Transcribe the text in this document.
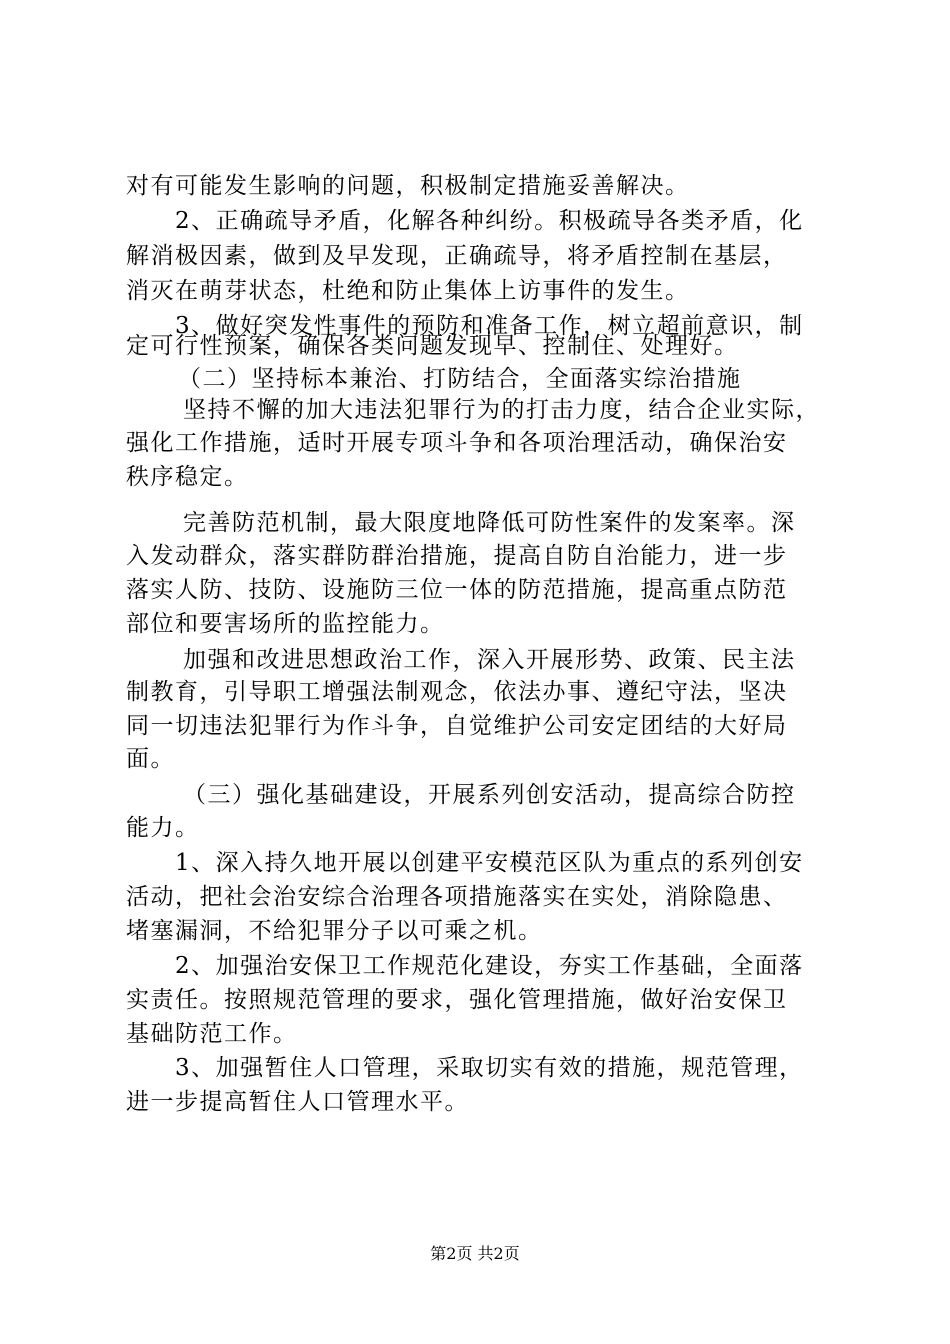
对有可能发生影响的问题，积极制定措施妥善解决。
2、正确疏导矛盾，化解各种纠纷。积极疏导各类矛盾，化
解消极因素，做到及早发现，正确疏导，将矛盾控制在基层，
消灭在萌芽状态，杜绝和防止集体上访事件的发生。
3、做好突发性事件的预防和准备工作，树立超前意识，制
定可行性预案，确保各类问题发现早、控制住、处理好。
（二）坚持标本兼治、打防结合，全面落实综治措施
坚持不懈的加大违法犯罪行为的打击力度，结合企业实际，
强化工作措施，适时开展专项斗争和各项治理活动，确保治安
秩序稳定。
完善防范机制，最大限度地降低可防性案件的发案率。深
入发动群众，落实群防群治措施，提高自防自治能力，进一步
落实人防、技防、设施防三位一体的防范措施，提高重点防范
部位和要害场所的监控能力。
加强和改进思想政治工作，深入开展形势、政策、民主法
制教育，引导职工增强法制观念，依法办事、遵纪守法，坚决
同一切违法犯罪行为作斗争，自觉维护公司安定团结的大好局
面。
（三）强化基础建设，开展系列创安活动，提高综合防控
能力。
1、深入持久地开展以创建平安模范区队为重点的系列创安
活动，把社会治安综合治理各项措施落实在实处，消除隐患、
堵塞漏洞，不给犯罪分子以可乘之机。
2、加强治安保卫工作规范化建设，夯实工作基础，全面落
实责任。按照规范管理的要求，强化管理措施，做好治安保卫
基础防范工作。
3、加强暂住人口管理，采取切实有效的措施，规范管理，
进一步提高暂住人口管理水平。
第2页 共2页
